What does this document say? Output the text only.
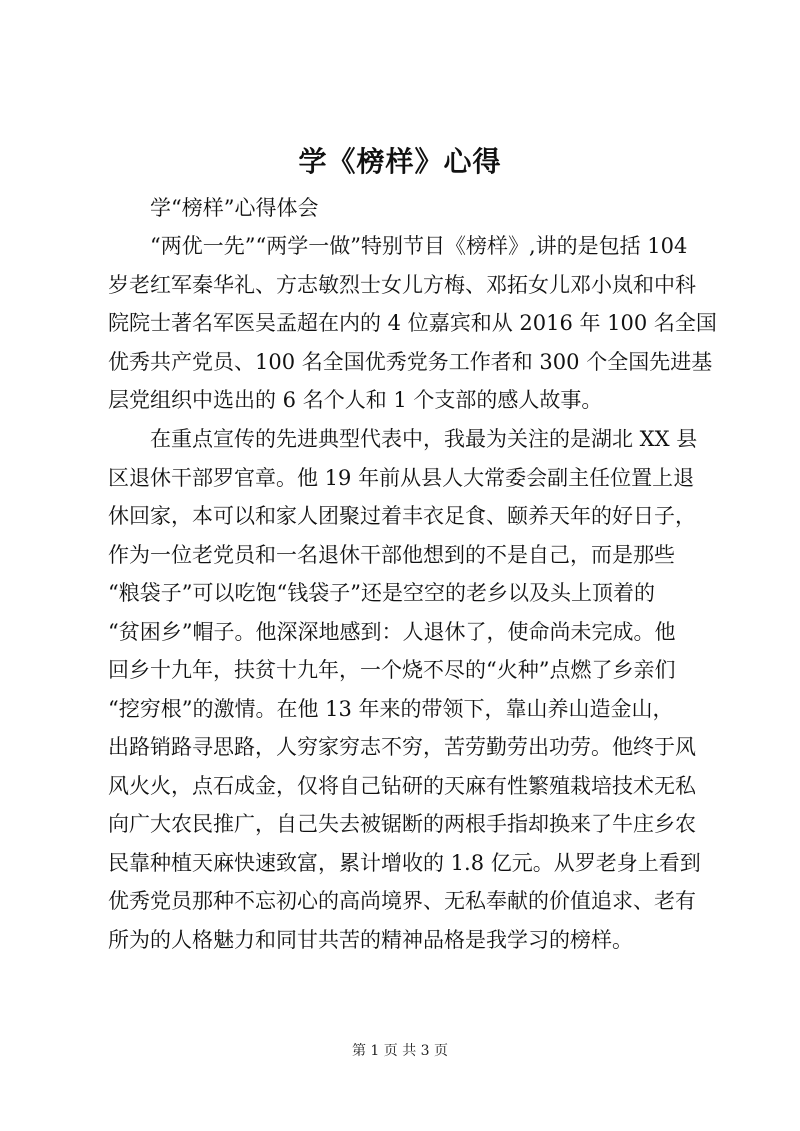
学《榜样》心得
学“榜样”心得体会
“两优一先”“两学一做”特别节目《榜样》,讲的是包括 104
岁老红军秦华礼、方志敏烈士女儿方梅、邓拓女儿邓小岚和中科
院院士著名军医吴孟超在内的 4 位嘉宾和从 2016 年 100 名全国
优秀共产党员、100 名全国优秀党务工作者和 300 个全国先进基
层党组织中选出的 6 名个人和 1 个支部的感人故事。
在重点宣传的先进典型代表中，我最为关注的是湖北 XX 县
区退休干部罗官章。他 19 年前从县人大常委会副主任位置上退
休回家，本可以和家人团聚过着丰衣足食、颐养天年的好日子，
作为一位老党员和一名退休干部他想到的不是自己，而是那些
“粮袋子”可以吃饱“钱袋子”还是空空的老乡以及头上顶着的
“贫困乡”帽子。他深深地感到：人退休了，使命尚未完成。他
回乡十九年，扶贫十九年，一个烧不尽的“火种”点燃了乡亲们
“挖穷根”的激情。在他 13 年来的带领下，靠山养山造金山，
出路销路寻思路，人穷家穷志不穷，苦劳勤劳出功劳。他终于风
风火火，点石成金，仅将自己钻研的天麻有性繁殖栽培技术无私
向广大农民推广，自己失去被锯断的两根手指却换来了牛庄乡农
民靠种植天麻快速致富，累计增收的 1.8 亿元。从罗老身上看到
优秀党员那种不忘初心的高尚境界、无私奉献的价值追求、老有
所为的人格魅力和同甘共苦的精神品格是我学习的榜样。
第 1 页 共 3 页
